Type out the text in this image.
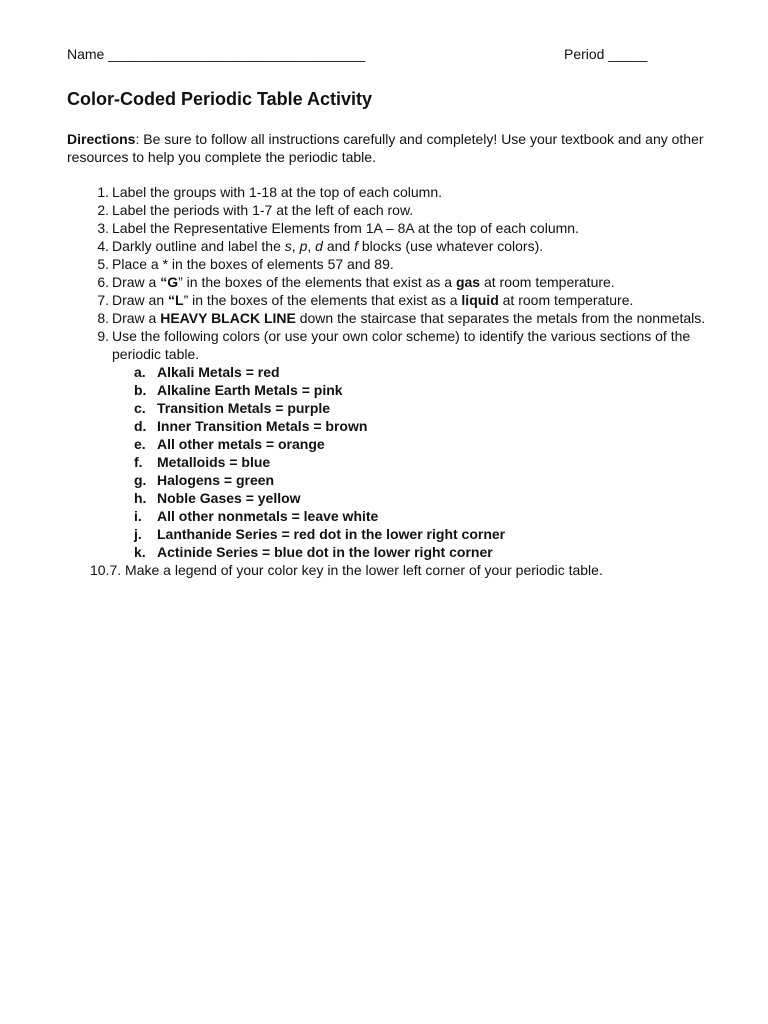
Name _________________________________	Period _____
Color-Coded Periodic Table Activity

Directions: Be sure to follow all instructions carefully and completely! Use your textbook and any other resources to help you complete the periodic table.

1. Label the groups with 1-18 at the top of each column.
2. Label the periods with 1-7 at the left of each row.
3. Label the Representative Elements from 1A – 8A at the top of each column.
4. Darkly outline and label the s, p, d and f blocks (use whatever colors).
5. Place a * in the boxes of elements 57 and 89.
6. Draw a “G” in the boxes of the elements that exist as a gas at room temperature.
7. Draw an “L” in the boxes of the elements that exist as a liquid at room temperature.
8. Draw a HEAVY BLACK LINE down the staircase that separates the metals from the nonmetals.
9. Use the following colors (or use your own color scheme) to identify the various sections of the periodic table.
a. Alkali Metals = red
b. Alkaline Earth Metals = pink
c. Transition Metals = purple
d. Inner Transition Metals = brown
e. All other metals = orange
f.	Metalloids = blue
g. Halogens = green
h. Noble Gases = yellow
i.	All other nonmetals = leave white
j.	Lanthanide Series = red dot in the lower right corner
k. Actinide Series = blue dot in the lower right corner
10.7. Make a legend of your color key in the lower left corner of your periodic table.
